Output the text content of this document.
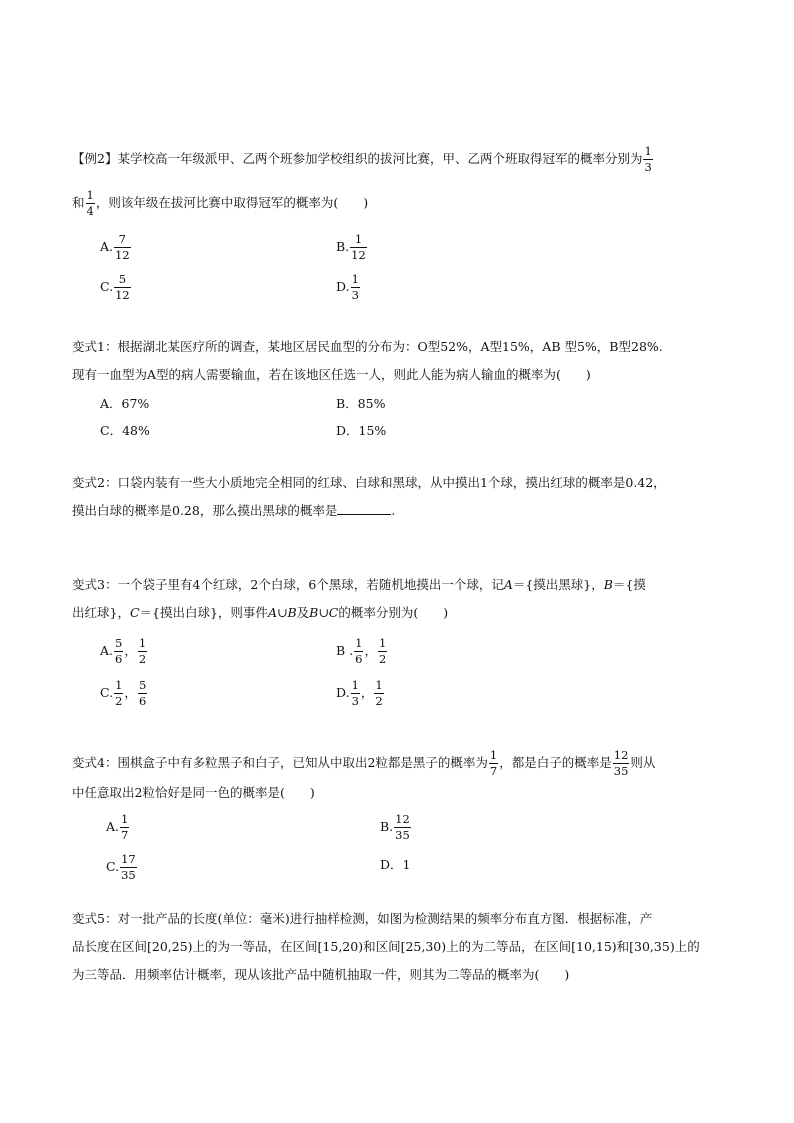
【例2】某学校高一年级派甲、乙两个班参加学校组织的拔河比赛，甲、乙两个班取得冠军的概率分别为 $\frac{1}{3}$
和 $\frac{1}{4}$ ，则该年级在拔河比赛中取得冠军的概率为(　　)
A. $\frac{7}{12}$	B. $\frac{1}{12}$
C. $\frac{5}{12}$	D. $\frac{1}{3}$
变式1：根据湖北某医疗所的调查，某地区居民血型的分布为：O型52%，A型15%，AB 型5%，B型28%.
现有一血型为A型的病人需要输血，若在该地区任选一人，则此人能为病人输血的概率为(　　)
A．67%	B．85%
C．48%	D．15%
变式2：口袋内装有一些大小质地完全相同的红球、白球和黑球，从中摸出1个球，摸出红球的概率是0.42，
摸出白球的概率是0.28，那么摸出黑球的概率是	.
变式3：一个袋子里有4个红球，2个白球，6个黑球，若随机地摸出一个球，记A＝{摸出黑球}，B＝{摸
出红球}，C＝{摸出白球}，则事件A∪B及B∪C的概率分别为(　　)
A. $\frac{5}{6}$ ， $\frac{1}{2}$	B . $\frac{1}{6}$ ， $\frac{1}{2}$
C. $\frac{1}{2}$ ， $\frac{5}{6}$	D. $\frac{1}{3}$ ， $\frac{1}{2}$
变式4：围棋盒子中有多粒黑子和白子，已知从中取出2粒都是黑子的概率为 $\frac{1}{7}$ ，都是白子的概率是 $\frac{12}{35}$ 则从
中任意取出2粒恰好是同一色的概率是(　　)
A. $\frac{1}{7}$	B. $\frac{12}{35}$
C. $\frac{17}{35}$	D．1
变式5：对一批产品的长度(单位：毫米)进行抽样检测，如图为检测结果的频率分布直方图．根据标准，产
品长度在区间[20,25)上的为一等品，在区间[15,20)和区间[25,30)上的为二等品，在区间[10,15)和[30,35)上的
为三等品．用频率估计概率，现从该批产品中随机抽取一件，则其为二等品的概率为(　　)
